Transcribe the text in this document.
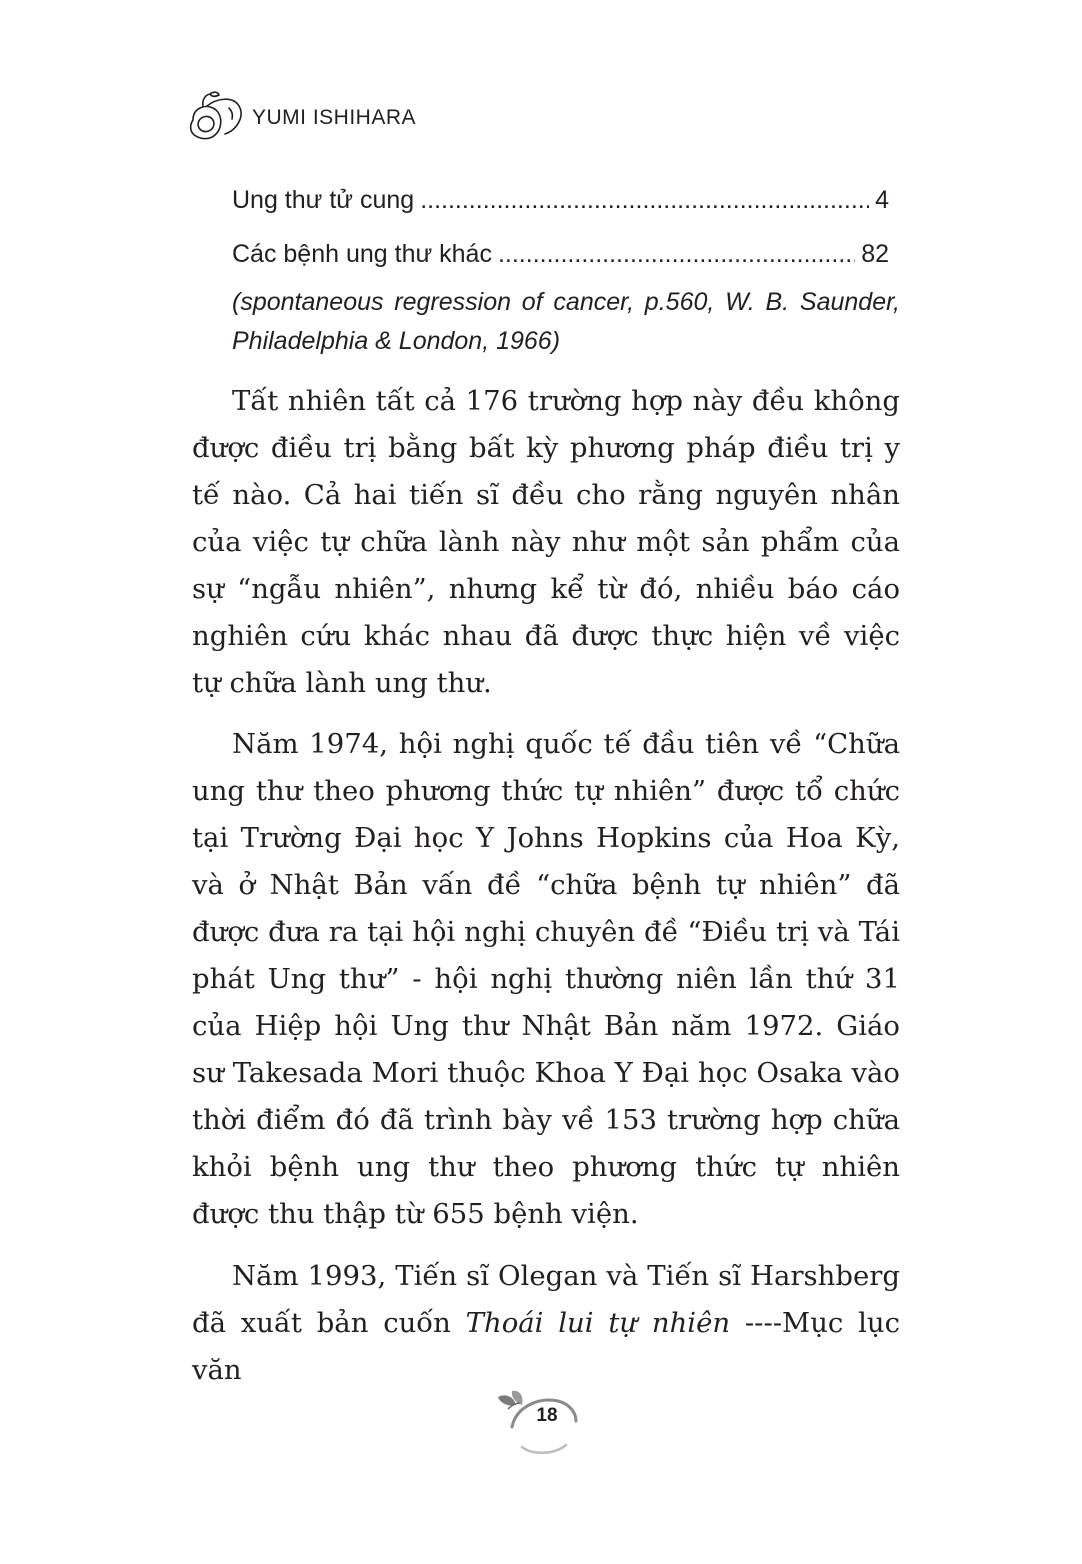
YUMI ISHIHARA
Ung thư tử cung .....	4
Các bệnh ung thư khác .....	82
(spontaneous regression of cancer, p.560, W. B. Saunder, Philadelphia & London, 1966)

Tất nhiên tất cả 176 trường hợp này đều không được điều trị bằng bất kỳ phương pháp điều trị y tế nào. Cả hai tiến sĩ đều cho rằng nguyên nhân của việc tự chữa lành này như một sản phẩm của sự “ngẫu nhiên”, nhưng kể từ đó, nhiều báo cáo nghiên cứu khác nhau đã được thực hiện về việc tự chữa lành ung thư.

Năm 1974, hội nghị quốc tế đầu tiên về “Chữa ung thư theo phương thức tự nhiên” được tổ chức tại Trường Đại học Y Johns Hopkins của Hoa Kỳ, và ở Nhật Bản vấn đề “chữa bệnh tự nhiên” đã được đưa ra tại hội nghị chuyên đề “Điều trị và Tái phát Ung thư” - hội nghị thường niên lần thứ 31 của Hiệp hội Ung thư Nhật Bản năm 1972. Giáo sư Takesada Mori thuộc Khoa Y Đại học Osaka vào thời điểm đó đã trình bày về 153 trường hợp chữa khỏi bệnh ung thư theo phương thức tự nhiên được thu thập từ 655 bệnh viện.

Năm 1993, Tiến sĩ Olegan và Tiến sĩ Harshberg đã xuất bản cuốn Thoái lui tự nhiên ----Mục lục văn

18
